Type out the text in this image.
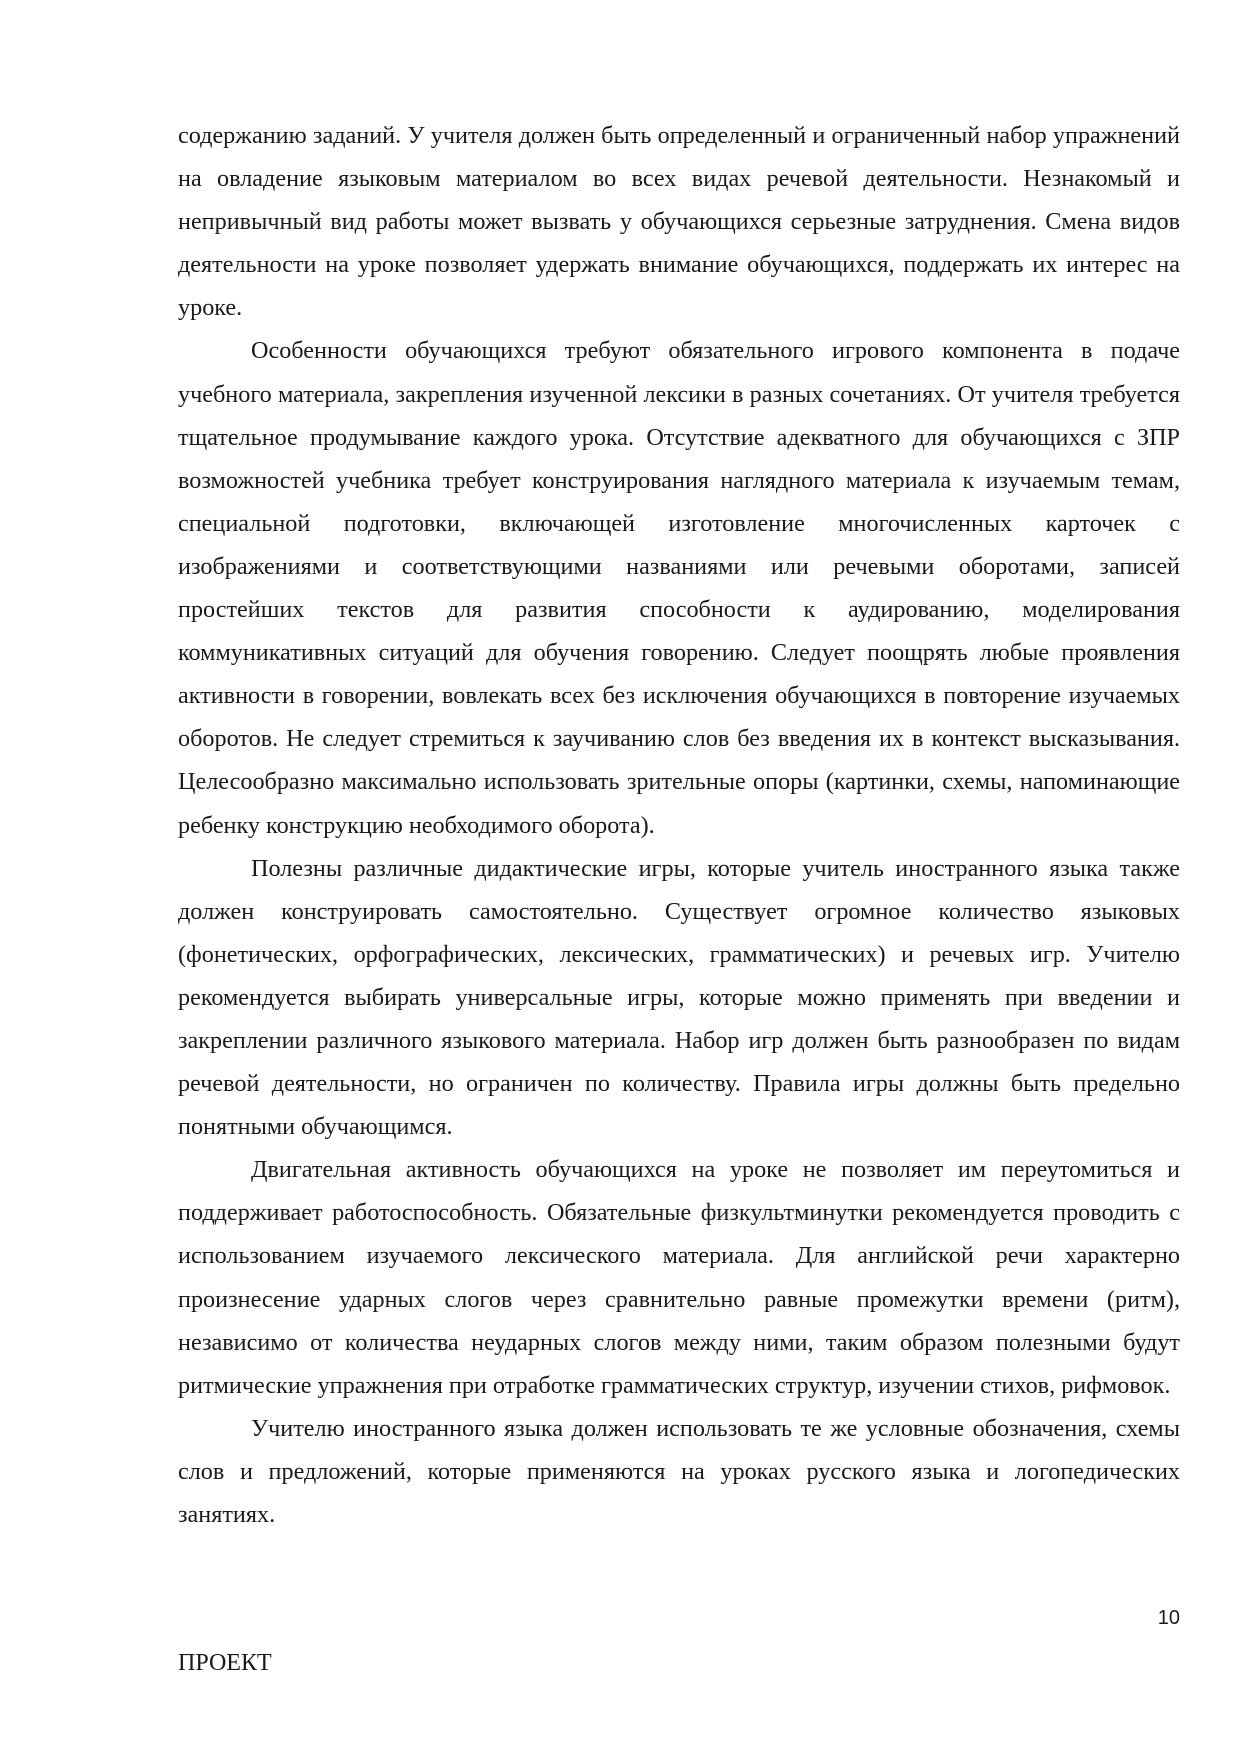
содержанию заданий. У учителя должен быть определенный и ограниченный набор упражнений на овладение языковым материалом во всех видах речевой деятельности. Незнакомый и непривычный вид работы может вызвать у обучающихся серьезные затруднения. Смена видов деятельности на уроке позволяет удержать внимание обучающихся, поддержать их интерес на уроке.

Особенности обучающихся требуют обязательного игрового компонента в подаче учебного материала, закрепления изученной лексики в разных сочетаниях. От учителя требуется тщательное продумывание каждого урока. Отсутствие адекватного для обучающихся с ЗПР возможностей учебника требует конструирования наглядного материала к изучаемым темам, специальной подготовки, включающей изготовление многочисленных карточек с изображениями и соответствующими названиями или речевыми оборотами, записей простейших текстов для развития способности к аудированию, моделирования коммуникативных ситуаций для обучения говорению. Следует поощрять любые проявления активности в говорении, вовлекать всех без исключения обучающихся в повторение изучаемых оборотов. Не следует стремиться к заучиванию слов без введения их в контекст высказывания. Целесообразно максимально использовать зрительные опоры (картинки, схемы, напоминающие ребенку конструкцию необходимого оборота).

Полезны различные дидактические игры, которые учитель иностранного языка также должен конструировать самостоятельно. Существует огромное количество языковых (фонетических, орфографических, лексических, грамматических) и речевых игр. Учителю рекомендуется выбирать универсальные игры, которые можно применять при введении и закреплении различного языкового материала. Набор игр должен быть разнообразен по видам речевой деятельности, но ограничен по количеству. Правила игры должны быть предельно понятными обучающимся.

Двигательная активность обучающихся на уроке не позволяет им переутомиться и поддерживает работоспособность. Обязательные физкультминутки рекомендуется проводить с использованием изучаемого лексического материала. Для английской речи характерно произнесение ударных слогов через сравнительно равные промежутки времени (ритм), независимо от количества неударных слогов между ними, таким образом полезными будут ритмические упражнения при отработке грамматических структур, изучении стихов, рифмовок.

Учителю иностранного языка должен использовать те же условные обозначения, схемы слов и предложений, которые применяются на уроках русского языка и логопедических занятиях.

10
ПРОЕКТ
